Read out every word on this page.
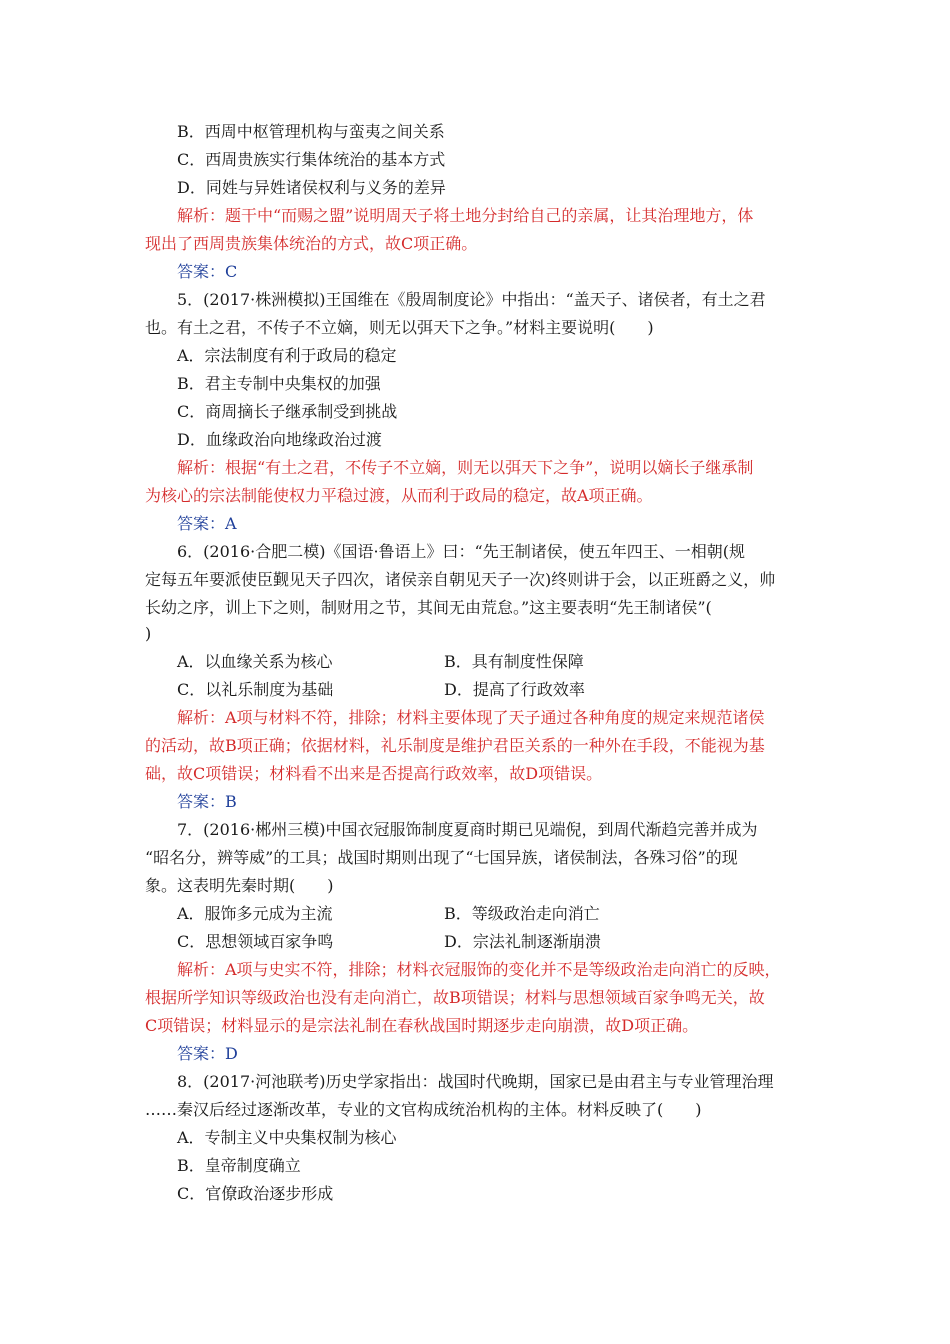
B．西周中枢管理机构与蛮夷之间关系
C．西周贵族实行集体统治的基本方式
D．同姓与异姓诸侯权利与义务的差异
解析：题干中“而赐之盟”说明周天子将土地分封给自己的亲属，让其治理地方，体
现出了西周贵族集体统治的方式，故C项正确。
答案：C
5．(2017·株洲模拟)王国维在《殷周制度论》中指出：“盖天子、诸侯者，有土之君
也。有土之君，不传子不立嫡，则无以弭天下之争。”材料主要说明(　　)
A．宗法制度有利于政局的稳定
B．君主专制中央集权的加强
C．商周摘长子继承制受到挑战
D．血缘政治向地缘政治过渡
解析：根据“有土之君，不传子不立嫡，则无以弭天下之争”，说明以嫡长子继承制
为核心的宗法制能使权力平稳过渡，从而利于政局的稳定，故A项正确。
答案：A
6．(2016·合肥二模)《国语·鲁语上》曰：“先王制诸侯，使五年四王、一相朝(规
定每五年要派使臣觐见天子四次，诸侯亲自朝见天子一次)终则讲于会，以正班爵之义，帅
长幼之序，训上下之则，制财用之节，其间无由荒怠。”这主要表明“先王制诸侯”(
)
A．以血缘关系为核心	B．具有制度性保障
C．以礼乐制度为基础	D．提高了行政效率
解析：A项与材料不符，排除；材料主要体现了天子通过各种角度的规定来规范诸侯
的活动，故B项正确；依据材料，礼乐制度是维护君臣关系的一种外在手段，不能视为基
础，故C项错误；材料看不出来是否提高行政效率，故D项错误。
答案：B
7．(2016·郴州三模)中国衣冠服饰制度夏商时期已见端倪，到周代渐趋完善并成为
“昭名分，辨等威”的工具；战国时期则出现了“七国异族，诸侯制法，各殊习俗”的现
象。这表明先秦时期(　　)
A．服饰多元成为主流	B．等级政治走向消亡
C．思想领域百家争鸣	D．宗法礼制逐渐崩溃
解析：A项与史实不符，排除；材料衣冠服饰的变化并不是等级政治走向消亡的反映，
根据所学知识等级政治也没有走向消亡，故B项错误；材料与思想领域百家争鸣无关，故
C项错误；材料显示的是宗法礼制在春秋战国时期逐步走向崩溃，故D项正确。
答案：D
8．(2017·河池联考)历史学家指出：战国时代晚期，国家已是由君主与专业管理治理
……秦汉后经过逐渐改革，专业的文官构成统治机构的主体。材料反映了(　　)
A．专制主义中央集权制为核心
B．皇帝制度确立
C．官僚政治逐步形成
